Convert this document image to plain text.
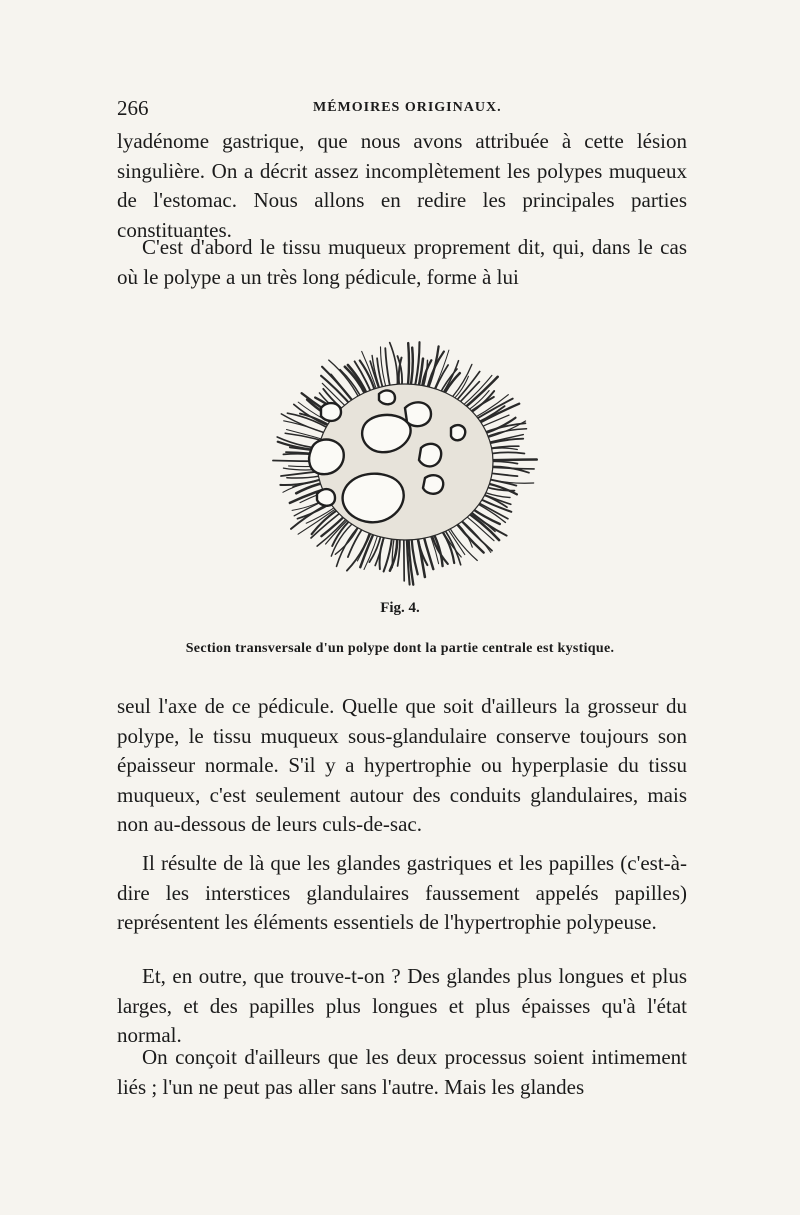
266	MÉMOIRES ORIGINAUX.

lyadénome gastrique, que nous avons attribuée à cette lésion singulière. On a décrit assez incomplètement les polypes muqueux de l'estomac. Nous allons en redire les principales parties constituantes.

C'est d'abord le tissu muqueux proprement dit, qui, dans le cas où le polype a un très long pédicule, forme à lui

Fig. 4.
Section transversale d'un polype dont la partie centrale est kystique.

seul l'axe de ce pédicule. Quelle que soit d'ailleurs la grosseur du polype, le tissu muqueux sous-glandulaire conserve toujours son épaisseur normale. S'il y a hypertrophie ou hyperplasie du tissu muqueux, c'est seulement autour des conduits glandulaires, mais non au-dessous de leurs culs-de-sac.

Il résulte de là que les glandes gastriques et les papilles (c'est-à-dire les interstices glandulaires faussement appelés papilles) représentent les éléments essentiels de l'hypertrophie polypeuse.

Et, en outre, que trouve-t-on ? Des glandes plus longues et plus larges, et des papilles plus longues et plus épaisses qu'à l'état normal.

On conçoit d'ailleurs que les deux processus soient intimement liés ; l'un ne peut pas aller sans l'autre. Mais les glandes
